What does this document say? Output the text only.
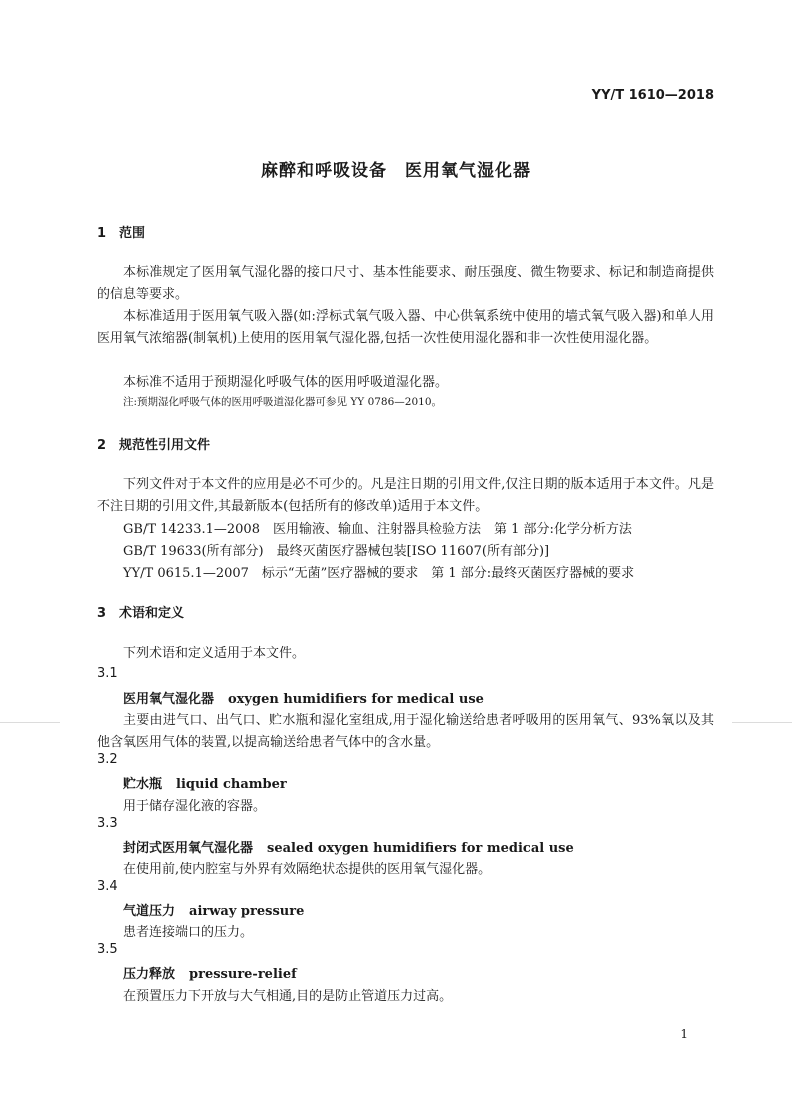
YY/T 1610—2018
麻醉和呼吸设备　医用氧气湿化器
1 范围
本标准规定了医用氧气湿化器的接口尺寸、基本性能要求、耐压强度、微生物要求、标记和制造商提供的信息等要求。
本标准适用于医用氧气吸入器(如:浮标式氧气吸入器、中心供氧系统中使用的墙式氧气吸入器)和单人用医用氧气浓缩器(制氧机)上使用的医用氧气湿化器,包括一次性使用湿化器和非一次性使用湿化器。
本标准不适用于预期湿化呼吸气体的医用呼吸道湿化器。
注:预期湿化呼吸气体的医用呼吸道湿化器可参见 YY 0786—2010。
2 规范性引用文件
下列文件对于本文件的应用是必不可少的。凡是注日期的引用文件,仅注日期的版本适用于本文件。凡是不注日期的引用文件,其最新版本(包括所有的修改单)适用于本文件。
GB/T 14233.1—2008　医用输液、输血、注射器具检验方法　第 1 部分:化学分析方法
GB/T 19633(所有部分)　最终灭菌医疗器械包装[ISO 11607(所有部分)]
YY/T 0615.1—2007　标示“无菌”医疗器械的要求　第 1 部分:最终灭菌医疗器械的要求
3 术语和定义
下列术语和定义适用于本文件。
3.1
医用氧气湿化器 oxygen humidifiers for medical use
主要由进气口、出气口、贮水瓶和湿化室组成,用于湿化输送给患者呼吸用的医用氧气、93%氧以及其他含氧医用气体的装置,以提高输送给患者气体中的含水量。
3.2
贮水瓶 liquid chamber
用于储存湿化液的容器。
3.3
封闭式医用氧气湿化器 sealed oxygen humidifiers for medical use
在使用前,使内腔室与外界有效隔绝状态提供的医用氧气湿化器。
3.4
气道压力 airway pressure
患者连接端口的压力。
3.5
压力释放 pressure-relief
在预置压力下开放与大气相通,目的是防止管道压力过高。
1
